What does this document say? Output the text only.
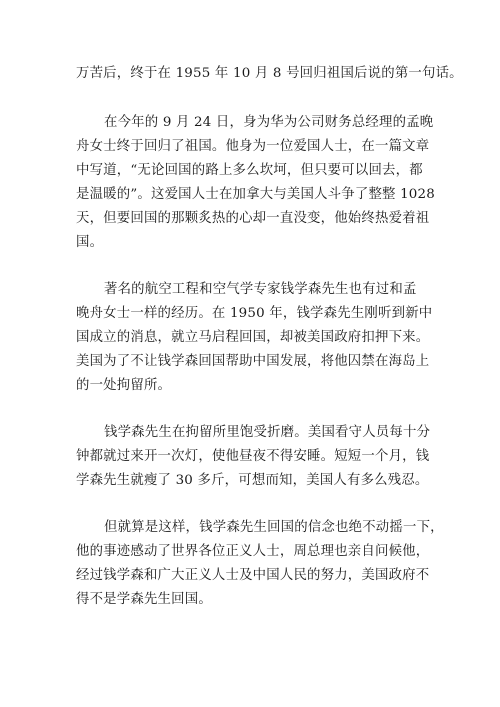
万苦后，终于在 1955 年 10 月 8 号回归祖国后说的第一句话。
在今年的 9 月 24 日，身为华为公司财务总经理的孟晚
舟女士终于回归了祖国。他身为一位爱国人士，在一篇文章
中写道，“无论回国的路上多么坎坷，但只要可以回去，都
是温暖的”。这爱国人士在加拿大与美国人斗争了整整 1028
天，但要回国的那颗炙热的心却一直没变，他始终热爱着祖
国。
著名的航空工程和空气学专家钱学森先生也有过和孟
晚舟女士一样的经历。在 1950 年，钱学森先生刚听到新中
国成立的消息，就立马启程回国，却被美国政府扣押下来。
美国为了不让钱学森回国帮助中国发展，将他囚禁在海岛上
的一处拘留所。
钱学森先生在拘留所里饱受折磨。美国看守人员每十分
钟都就过来开一次灯，使他昼夜不得安睡。短短一个月，钱
学森先生就瘦了 30 多斤，可想而知，美国人有多么残忍。
但就算是这样，钱学森先生回国的信念也绝不动摇一下，
他的事迹感动了世界各位正义人士，周总理也亲自问候他，
经过钱学森和广大正义人士及中国人民的努力，美国政府不
得不是学森先生回国。
